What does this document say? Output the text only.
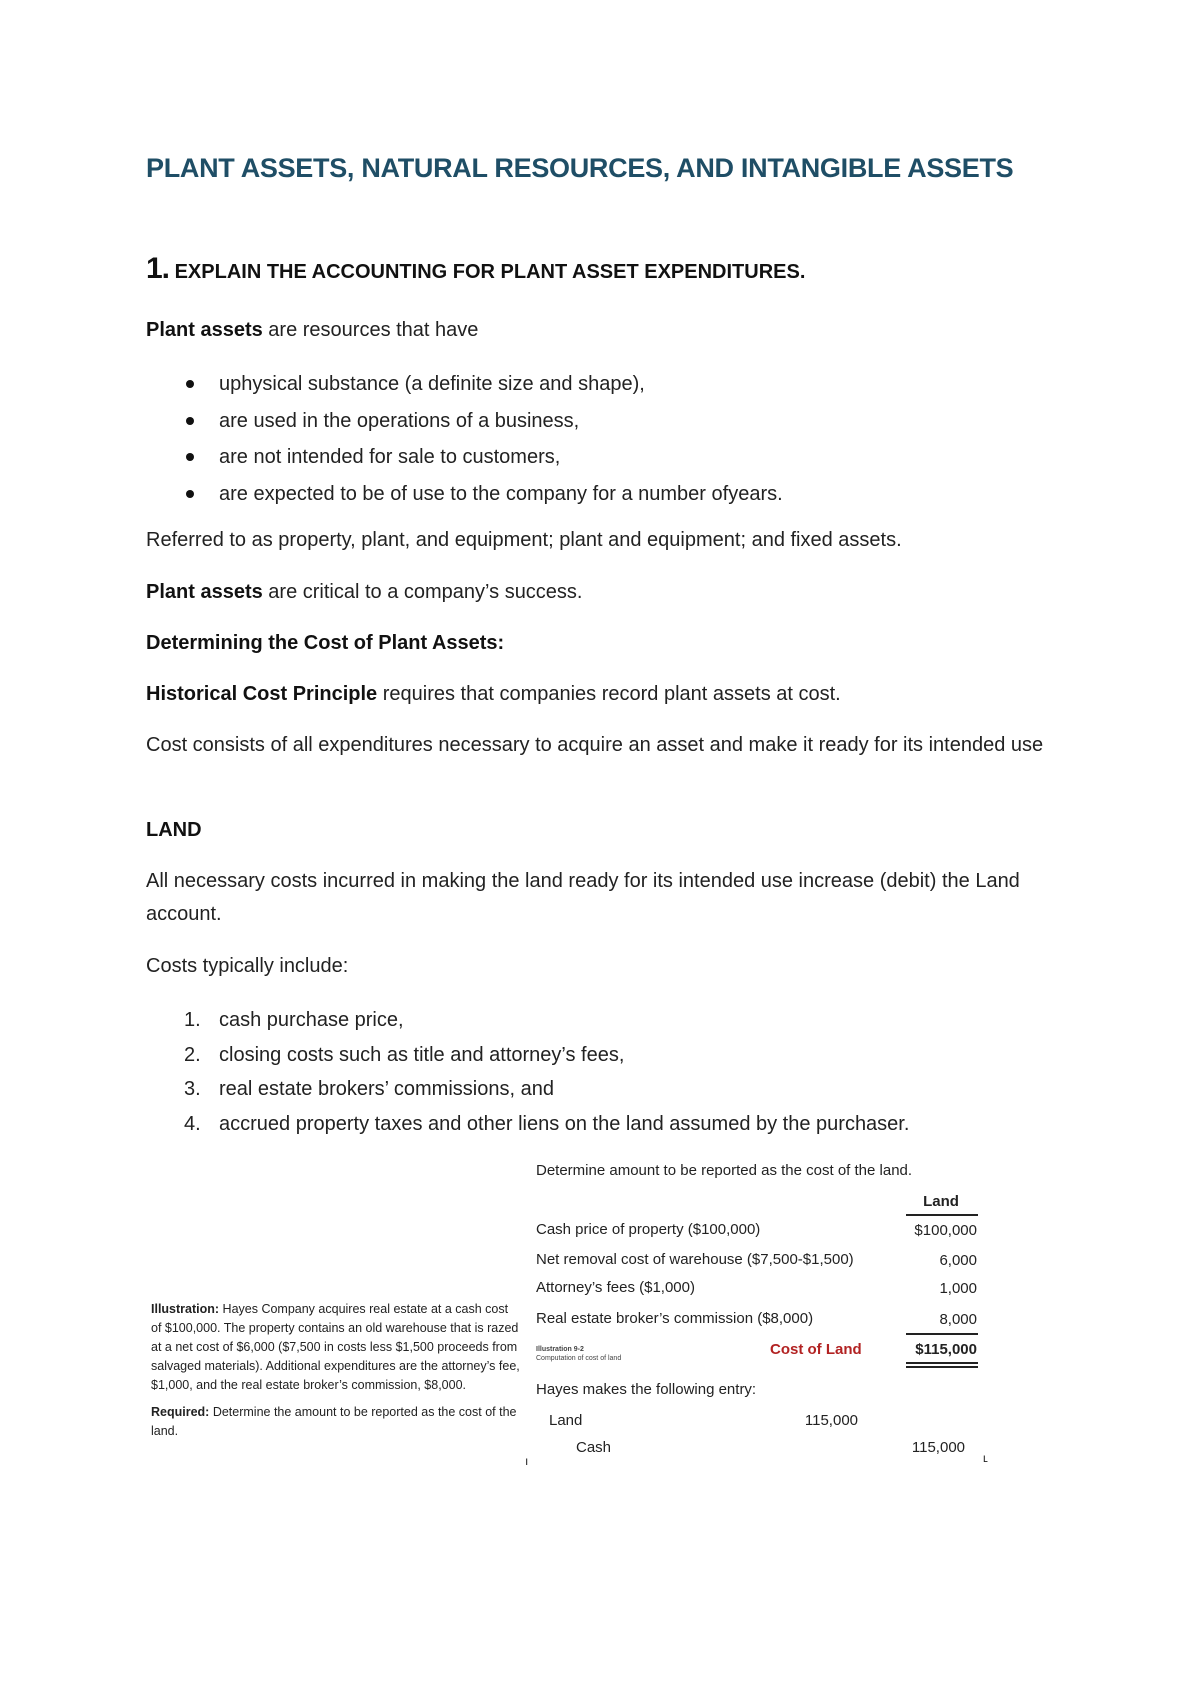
PLANT ASSETS, NATURAL RESOURCES, AND INTANGIBLE ASSETS
1. EXPLAIN THE ACCOUNTING FOR PLANT ASSET EXPENDITURES.
Plant assets are resources that have
uphysical substance (a definite size and shape),
are used in the operations of a business,
are not intended for sale to customers,
are expected to be of use to the company for a number ofyears.
Referred to as property, plant, and equipment; plant and equipment; and fixed assets.
Plant assets are critical to a company’s success.
Determining the Cost of Plant Assets:
Historical Cost Principle requires that companies record plant assets at cost.
Cost consists of all expenditures necessary to acquire an asset and make it ready for its intended use
LAND
All necessary costs incurred in making the land ready for its intended use increase (debit) the Land account.
Costs typically include:
1. cash purchase price,
2. closing costs such as title and attorney’s fees,
3. real estate brokers’ commissions, and
4. accrued property taxes and other liens on the land assumed by the purchaser.

Illustration: Hayes Company acquires real estate at a cash cost of $100,000. The property contains an old warehouse that is razed at a net cost of $6,000 ($7,500 in costs less $1,500 proceeds from salvaged materials). Additional expenditures are the attorney’s fee, $1,000, and the real estate broker’s commission, $8,000.

Required: Determine the amount to be reported as the cost of the land.

Determine amount to be reported as the cost of the land.
Land
Cash price of property ($100,000)	$100,000
Net removal cost of warehouse ($7,500-$1,500)	6,000
Attorney’s fees ($1,000)	1,000
Real estate broker’s commission ($8,000)	8,000
Illustration 9-2
Computation of cost of land
Cost of Land	$115,000
Hayes makes the following entry:
Land	115,000
Cash	115,000
ı	ʟ
